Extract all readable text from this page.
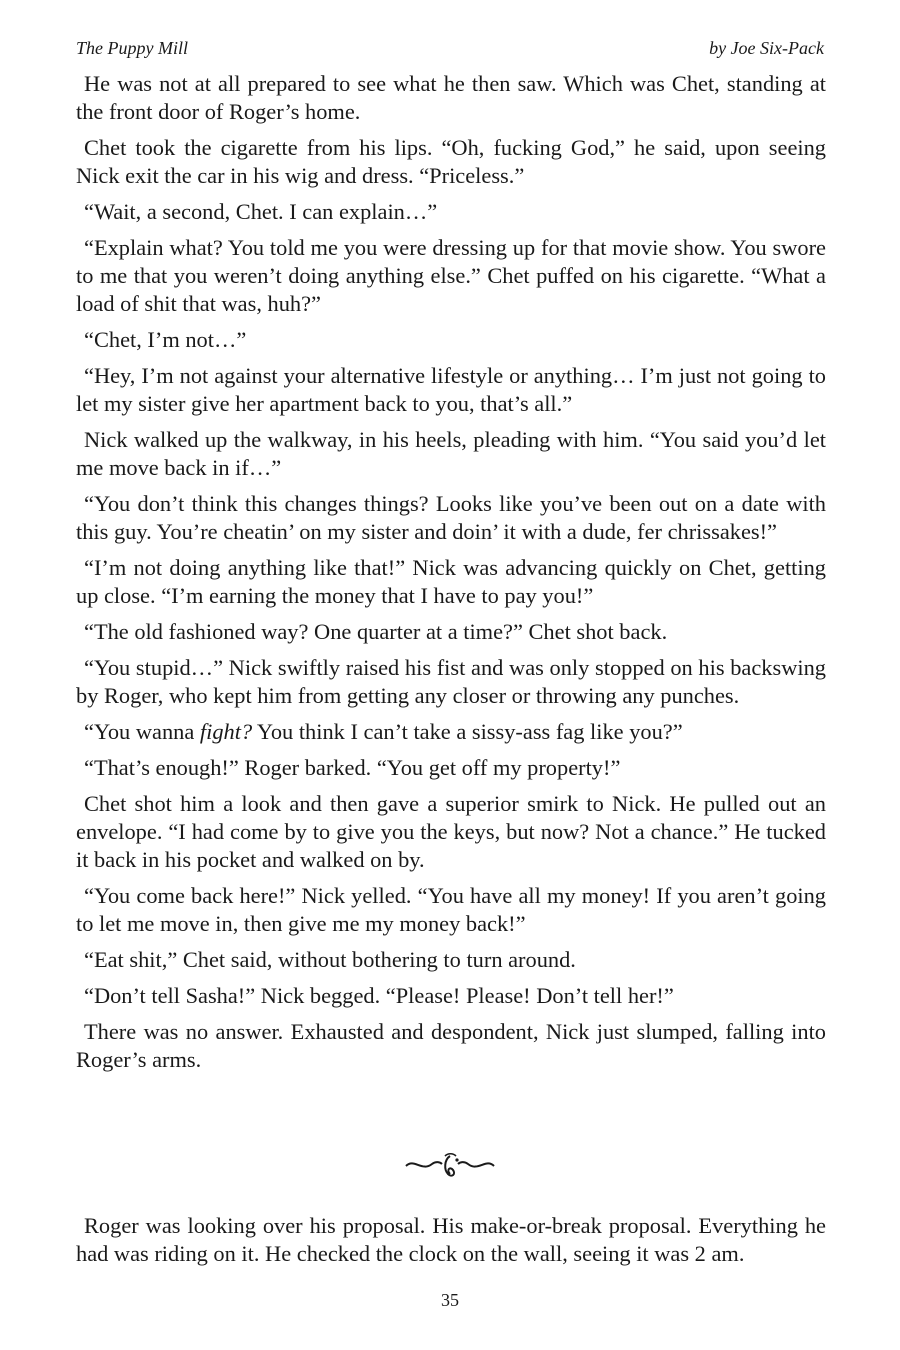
The Puppy Mill	by Joe Six-Pack

He was not at all prepared to see what he then saw. Which was Chet, standing at the front door of Roger’s home.

Chet took the cigarette from his lips. “Oh, fucking God,” he said, upon seeing Nick exit the car in his wig and dress. “Priceless.”

“Wait, a second, Chet. I can explain…”

“Explain what? You told me you were dressing up for that movie show. You swore to me that you weren’t doing anything else.” Chet puffed on his cigarette. “What a load of shit that was, huh?”

“Chet, I’m not…”

“Hey, I’m not against your alternative lifestyle or anything… I’m just not going to let my sister give her apartment back to you, that’s all.”

Nick walked up the walkway, in his heels, pleading with him. “You said you’d let me move back in if…”

“You don’t think this changes things? Looks like you’ve been out on a date with this guy. You’re cheatin’ on my sister and doin’ it with a dude, fer chrissakes!”

“I’m not doing anything like that!” Nick was advancing quickly on Chet, getting up close. “I’m earning the money that I have to pay you!”

“The old fashioned way? One quarter at a time?” Chet shot back.

“You stupid…” Nick swiftly raised his fist and was only stopped on his backswing by Roger, who kept him from getting any closer or throwing any punches.

“You wanna fight? You think I can’t take a sissy-ass fag like you?”

“That’s enough!” Roger barked. “You get off my property!”

Chet shot him a look and then gave a superior smirk to Nick. He pulled out an envelope. “I had come by to give you the keys, but now? Not a chance.” He tucked it back in his pocket and walked on by.

“You come back here!” Nick yelled. “You have all my money! If you aren’t going to let me move in, then give me my money back!”

“Eat shit,” Chet said, without bothering to turn around.

“Don’t tell Sasha!” Nick begged. “Please! Please! Don’t tell her!”

There was no answer. Exhausted and despondent, Nick just slumped, falling into Roger’s arms.

Roger was looking over his proposal. His make-or-break proposal. Everything he had was riding on it. He checked the clock on the wall, seeing it was 2 am.

35
